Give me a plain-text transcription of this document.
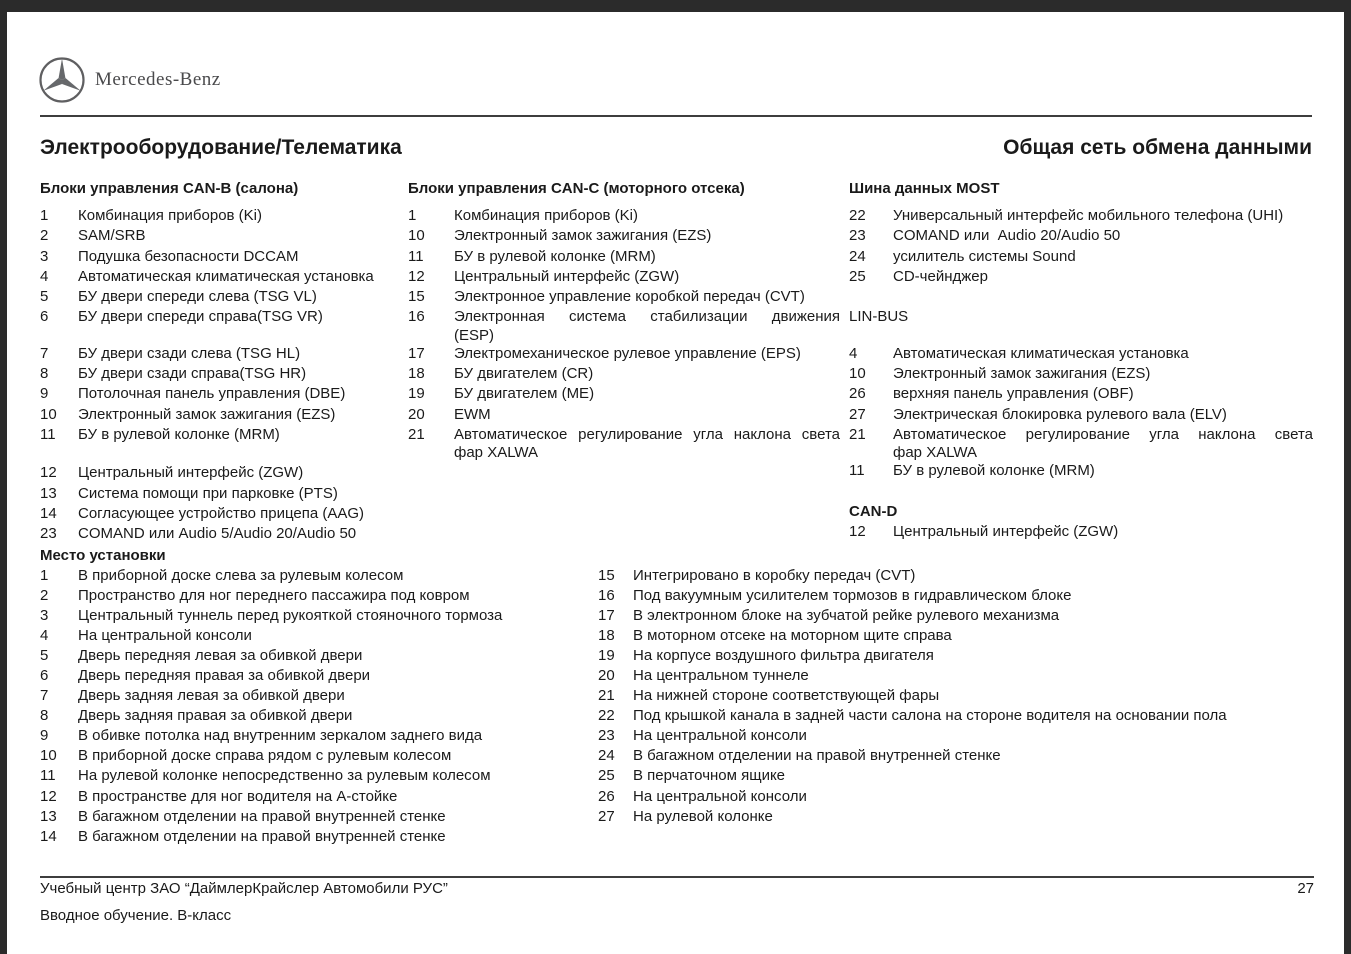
Mercedes-Benz
Электрооборудование/Телематика	Общая сеть обмена данными
Блоки управления CAN-B (салона)
1	Комбинация приборов (Ki)
2	SAM/SRB
3	Подушка безопасности DCCAM
4	Автоматическая климатическая установка
5	БУ двери спереди слева (TSG VL)
6	БУ двери спереди справа(TSG VR)
7	БУ двери сзади слева (TSG HL)
8	БУ двери сзади справа(TSG HR)
9	Потолочная панель управления (DBE)
10	Электронный замок зажигания (EZS)
11	БУ в рулевой колонке (MRM)
12	Центральный интерфейс (ZGW)
13	Система помощи при парковке (PTS)
14	Согласующее устройство прицепа (AAG)
23	COMAND или Audio 5/Audio 20/Audio 50
Блоки управления CAN-C (моторного отсека)
1	Комбинация приборов (Ki)
10	Электронный замок зажигания (EZS)
11	БУ в рулевой колонке (MRM)
12	Центральный интерфейс (ZGW)
15	Электронное управление коробкой передач (CVT)
16	Электронная система стабилизации движения
(ESP)
17	Электромеханическое рулевое управление (EPS)
18	БУ двигателем (CR)
19	БУ двигателем (ME)
20	EWM
21	Автоматическое регулирование угла наклона света
фар XALWA
Шина данных MOST
22	Универсальный интерфейс мобильного телефона (UHI)
23	COMAND или  Audio 20/Audio 50
24	усилитель системы Sound
25	CD-чейнджер
LIN-BUS
4	Автоматическая климатическая установка
10	Электронный замок зажигания (EZS)
26	верхняя панель управления (OBF)
27	Электрическая блокировка рулевого вала (ELV)
21	Автоматическое регулирование угла наклона света
фар XALWA
11	БУ в рулевой колонке (MRM)
CAN-D
12	Центральный интерфейс (ZGW)
Место установки
1	В приборной доске слева за рулевым колесом
2	Пространство для ног переднего пассажира под ковром
3	Центральный туннель перед рукояткой стояночного тормоза
4	На центральной консоли
5	Дверь передняя левая за обивкой двери
6	Дверь передняя правая за обивкой двери
7	Дверь задняя левая за обивкой двери
8	Дверь задняя правая за обивкой двери
9	В обивке потолка над внутренним зеркалом заднего вида
10	В приборной доске справа рядом с рулевым колесом
11	На рулевой колонке непосредственно за рулевым колесом
12	В пространстве для ног водителя на А-стойке
13	В багажном отделении на правой внутренней стенке
14	В багажном отделении на правой внутренней стенке
15	Интегрировано в коробку передач (CVT)
16	Под вакуумным усилителем тормозов в гидравлическом блоке
17	В электронном блоке на зубчатой рейке рулевого механизма
18	В моторном отсеке на моторном щите справа
19	На корпусе воздушного фильтра двигателя
20	На центральном туннеле
21	На нижней стороне соответствующей фары
22	Под крышкой канала в задней части салона на стороне водителя на основании пола
23	На центральной консоли
24	В багажном отделении на правой внутренней стенке
25	В перчаточном ящике
26	На центральной консоли
27	На рулевой колонке
Учебный центр ЗАО “ДаймлерКрайслер Автомобили РУС”	27
Вводное обучение. В-класс
